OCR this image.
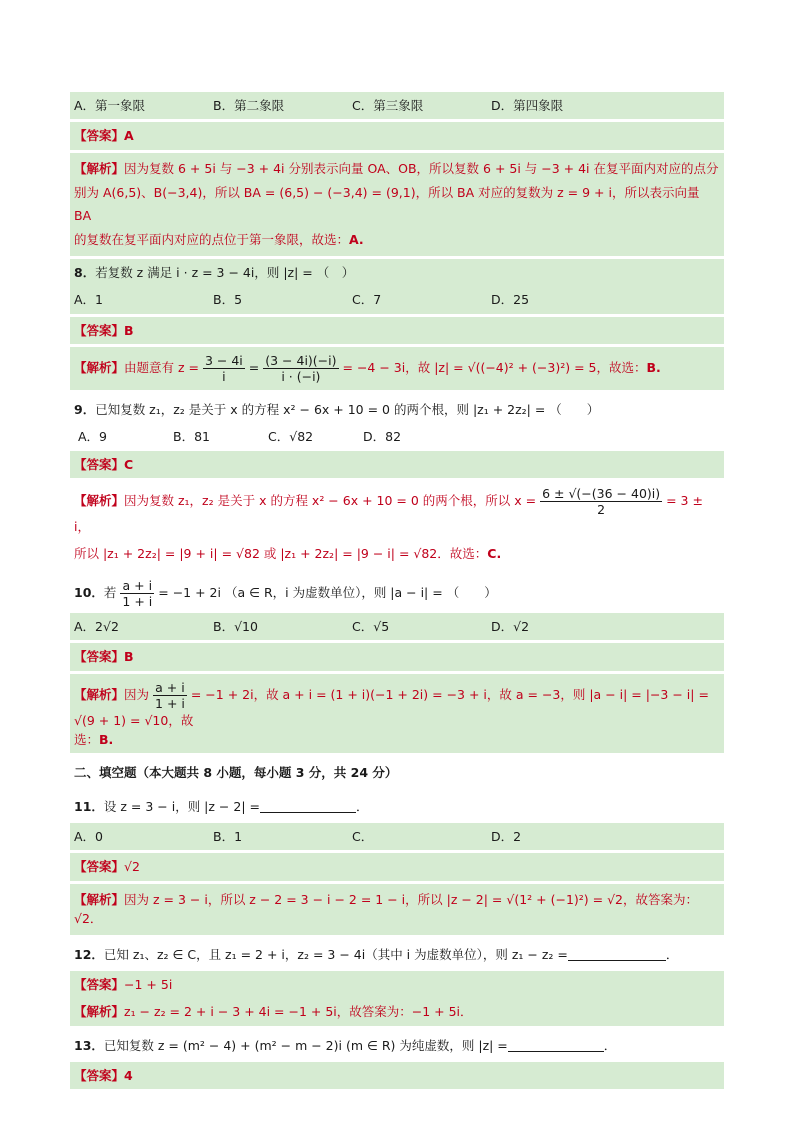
A．第一象限	B．第二象限	C．第三象限	D．第四象限
【答案】A
【解析】因为复数 6 + 5i 与 −3 + 4i 分别表示向量 OA、OB，所以复数 6 + 5i 与 −3 + 4i 在复平面内对应的点分
别为 A(6,5)、B(−3,4)，所以 BA = (6,5) − (−3,4) = (9,1)，所以 BA 对应的复数为 z = 9 + i，所以表示向量 BA
的复数在复平面内对应的点位于第一象限，故选：A.
8．若复数 z 满足 i · z = 3 − 4i，则 |z| = （　）
A．1	B．5	C．7	D．25
【答案】B
【解析】由题意有 $z = \frac{3 - 4i}{i} = \frac{(3 - 4i)(-i)}{i \cdot (-i)} = -4 - 3i$，故 |z| = √((−4)² + (−3)²) = 5，故选：B.
9．已知复数 z₁，z₂ 是关于 x 的方程 x² − 6x + 10 = 0 的两个根，则 |z₁ + 2z₂| = （　　）
A．9	B．81	C．√82	D．82
【答案】C
【解析】因为复数 z₁，z₂ 是关于 x 的方程 x² − 6x + 10 = 0 的两个根，所以 $x = \frac{6 \pm √(-(36 - 40)i)}{2} = 3 \pm i$，
所以 |z₁ + 2z₂| = |9 + i| = √82 或 |z₁ + 2z₂| = |9 − i| = √82．故选：C.
10．若 $\frac{a + i}{1 + i} = -1 + 2i$ （a ∈ R，i 为虚数单位），则 |a − i| = （　　）
A．2√2	B．√10	C．√5	D．√2
【答案】B
【解析】因为 $\frac{a + i}{1 + i} = -1 + 2i$，故 a + i = (1 + i)(−1 + 2i) = −3 + i，故 a = −3，则 |a − i| = |−3 − i| = √(9 + 1) = √10，故
选：B.
二、填空题（本大题共 8 小题，每小题 3 分，共 24 分）
11．设 z = 3 − i，则 |z − 2| =	．
A．0	B．1	C．	D．2
【答案】√2
【解析】因为 z = 3 − i，所以 z − 2 = 3 − i − 2 = 1 − i，所以 |z − 2| = √(1² + (−1)²) = √2，故答案为：√2．
12．已知 z₁、z₂ ∈ C，且 z₁ = 2 + i，z₂ = 3 − 4i（其中 i 为虚数单位），则 z₁ − z₂ =	．
【答案】−1 + 5i
【解析】z₁ − z₂ = 2 + i − 3 + 4i = −1 + 5i，故答案为：−1 + 5i．
13．已知复数 z = (m² − 4) + (m² − m − 2)i (m ∈ R) 为纯虚数，则 |z| =	．
【答案】4
